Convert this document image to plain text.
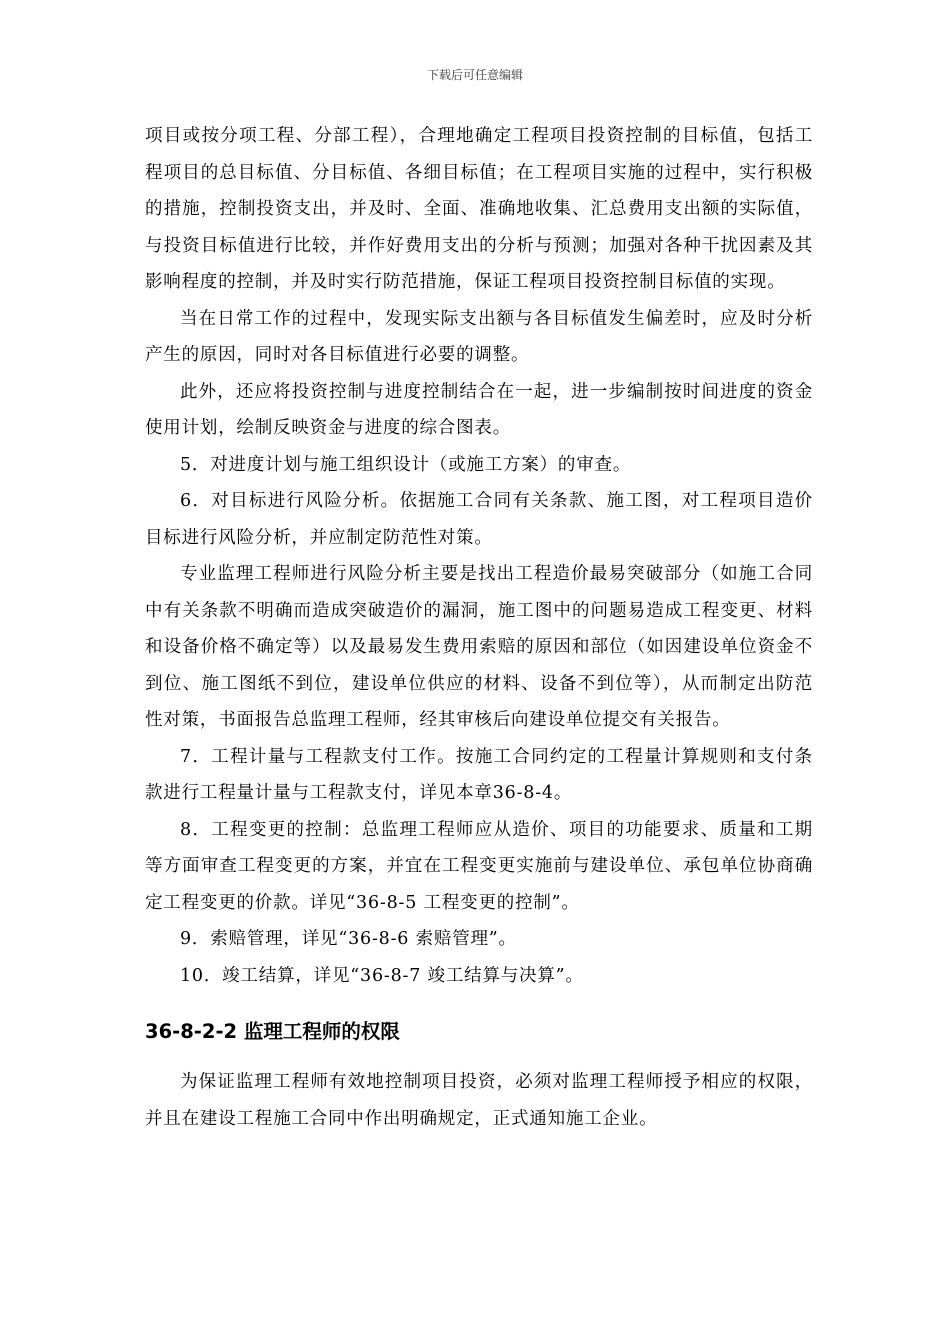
下载后可任意编辑

项目或按分项工程、分部工程），合理地确定工程项目投资控制的目标值，包括工程项目的总目标值、分目标值、各细目标值；在工程项目实施的过程中，实行积极的措施，控制投资支出，并及时、全面、准确地收集、汇总费用支出额的实际值，与投资目标值进行比较，并作好费用支出的分析与预测；加强对各种干扰因素及其影响程度的控制，并及时实行防范措施，保证工程项目投资控制目标值的实现。

当在日常工作的过程中，发现实际支出额与各目标值发生偏差时，应及时分析产生的原因，同时对各目标值进行必要的调整。

此外，还应将投资控制与进度控制结合在一起，进一步编制按时间进度的资金使用计划，绘制反映资金与进度的综合图表。

5．对进度计划与施工组织设计（或施工方案）的审查。

6．对目标进行风险分析。依据施工合同有关条款、施工图，对工程项目造价目标进行风险分析，并应制定防范性对策。

专业监理工程师进行风险分析主要是找出工程造价最易突破部分（如施工合同中有关条款不明确而造成突破造价的漏洞，施工图中的问题易造成工程变更、材料和设备价格不确定等）以及最易发生费用索赔的原因和部位（如因建设单位资金不到位、施工图纸不到位，建设单位供应的材料、设备不到位等），从而制定出防范性对策，书面报告总监理工程师，经其审核后向建设单位提交有关报告。

7．工程计量与工程款支付工作。按施工合同约定的工程量计算规则和支付条款进行工程量计量与工程款支付，详见本章36-8-4。

8．工程变更的控制：总监理工程师应从造价、项目的功能要求、质量和工期等方面审查工程变更的方案，并宜在工程变更实施前与建设单位、承包单位协商确定工程变更的价款。详见“36-8-5 工程变更的控制”。

9．索赔管理，详见“36-8-6 索赔管理”。

10．竣工结算，详见“36-8-7 竣工结算与决算”。

36-8-2-2 监理工程师的权限

为保证监理工程师有效地控制项目投资，必须对监理工程师授予相应的权限，并且在建设工程施工合同中作出明确规定，正式通知施工企业。
